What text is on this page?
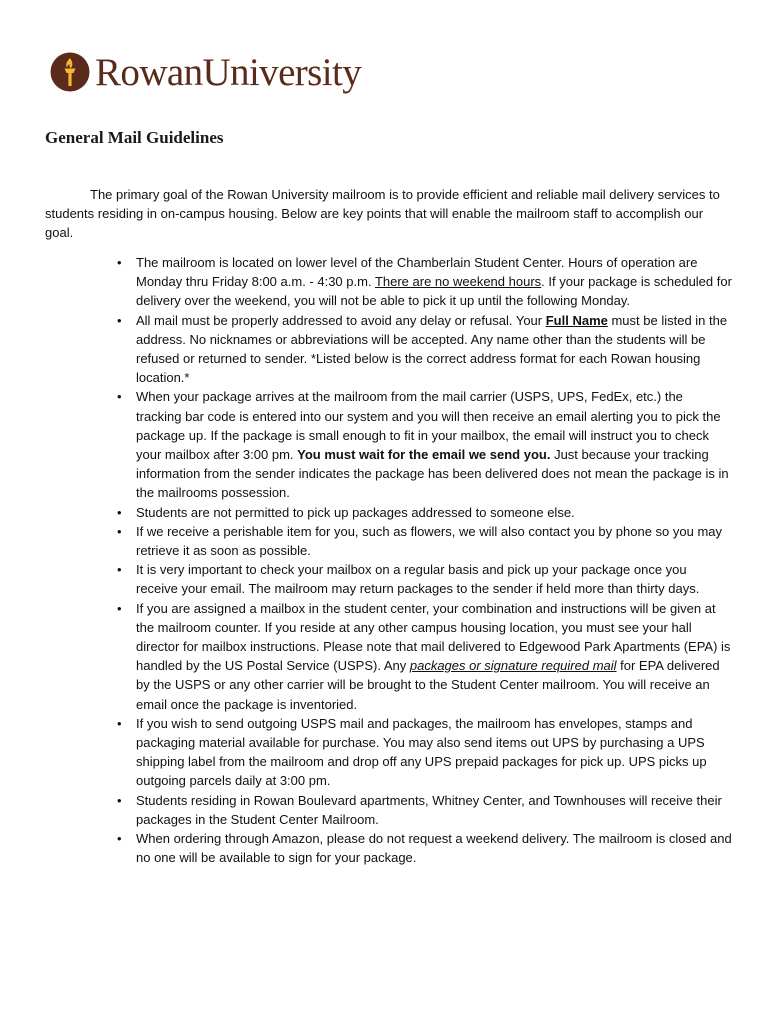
RowanUniversity
General Mail Guidelines

The primary goal of the Rowan University mailroom is to provide efficient and reliable mail delivery services to students residing in on-campus housing. Below are key points that will enable the mailroom staff to accomplish our goal.

• The mailroom is located on lower level of the Chamberlain Student Center. Hours of operation are Monday thru Friday 8:00 a.m. - 4:30 p.m. There are no weekend hours. If your package is scheduled for delivery over the weekend, you will not be able to pick it up until the following Monday.
• All mail must be properly addressed to avoid any delay or refusal. Your Full Name must be listed in the address. No nicknames or abbreviations will be accepted. Any name other than the students will be refused or returned to sender. *Listed below is the correct address format for each Rowan housing location.*
• When your package arrives at the mailroom from the mail carrier (USPS, UPS, FedEx, etc.) the tracking bar code is entered into our system and you will then receive an email alerting you to pick the package up. If the package is small enough to fit in your mailbox, the email will instruct you to check your mailbox after 3:00 pm. You must wait for the email we send you. Just because your tracking information from the sender indicates the package has been delivered does not mean the package is in the mailrooms possession.
• Students are not permitted to pick up packages addressed to someone else.
• If we receive a perishable item for you, such as flowers, we will also contact you by phone so you may retrieve it as soon as possible.
• It is very important to check your mailbox on a regular basis and pick up your package once you receive your email. The mailroom may return packages to the sender if held more than thirty days.
• If you are assigned a mailbox in the student center, your combination and instructions will be given at the mailroom counter. If you reside at any other campus housing location, you must see your hall director for mailbox instructions. Please note that mail delivered to Edgewood Park Apartments (EPA) is handled by the US Postal Service (USPS). Any packages or signature required mail for EPA delivered by the USPS or any other carrier will be brought to the Student Center mailroom. You will receive an email once the package is inventoried.
• If you wish to send outgoing USPS mail and packages, the mailroom has envelopes, stamps and packaging material available for purchase. You may also send items out UPS by purchasing a UPS shipping label from the mailroom and drop off any UPS prepaid packages for pick up. UPS picks up outgoing parcels daily at 3:00 pm.
• Students residing in Rowan Boulevard apartments, Whitney Center, and Townhouses will receive their packages in the Student Center Mailroom.
• When ordering through Amazon, please do not request a weekend delivery. The mailroom is closed and no one will be available to sign for your package.
